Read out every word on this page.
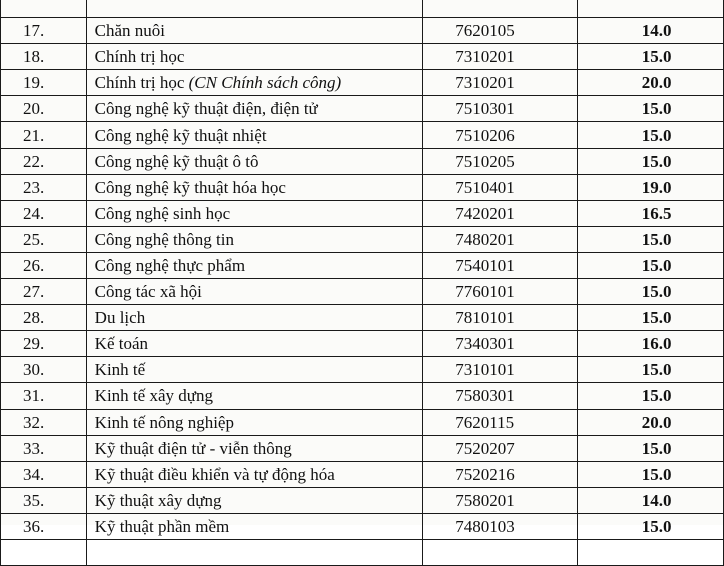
17.	Chăn nuôi	7620105	14.0
18.	Chính trị học	7310201	15.0
19.	Chính trị học (CN Chính sách công)	7310201	20.0
20.	Công nghệ kỹ thuật điện, điện tử	7510301	15.0
21.	Công nghệ kỹ thuật nhiệt	7510206	15.0
22.	Công nghệ kỹ thuật ô tô	7510205	15.0
23.	Công nghệ kỹ thuật hóa học	7510401	19.0
24.	Công nghệ sinh học	7420201	16.5
25.	Công nghệ thông tin	7480201	15.0
26.	Công nghệ thực phẩm	7540101	15.0
27.	Công tác xã hội	7760101	15.0
28.	Du lịch	7810101	15.0
29.	Kế toán	7340301	16.0
30.	Kinh tế	7310101	15.0
31.	Kinh tế xây dựng	7580301	15.0
32.	Kinh tế nông nghiệp	7620115	20.0
33.	Kỹ thuật điện tử - viễn thông	7520207	15.0
34.	Kỹ thuật điều khiển và tự động hóa	7520216	15.0
35.	Kỹ thuật xây dựng	7580201	14.0
36.	Kỹ thuật phần mềm	7480103	15.0
